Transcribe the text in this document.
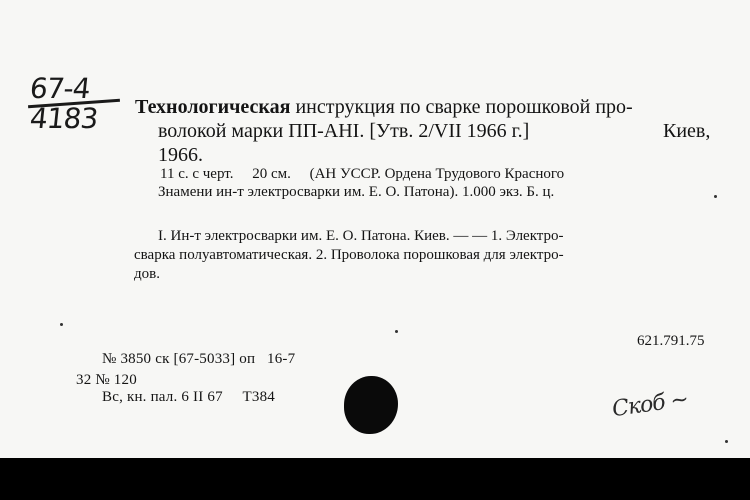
67-4
4183 Технологическая инструкция по сварке порошковой про-
волокой марки ПП-АНI. [Утв. 2/VII 1966 г.]	Киев,
1966.
11 с. с черт.     20 см.     (АН УССР. Ордена Трудового Красного
Знамени ин-т электросварки им. Е. О. Патона). 1.000 экз. Б. ц.
I. Ин-т электросварки им. Е. О. Патона. Киев. — — 1. Электро-
сварка полуавтоматическая. 2. Проволока порошковая для электро-
дов.
621.791.75
№ 3850 ск [67-5033] оп   16-7
32 № 120
Вс, кн. пал. 6 II 67     Т384	Скоб ~
